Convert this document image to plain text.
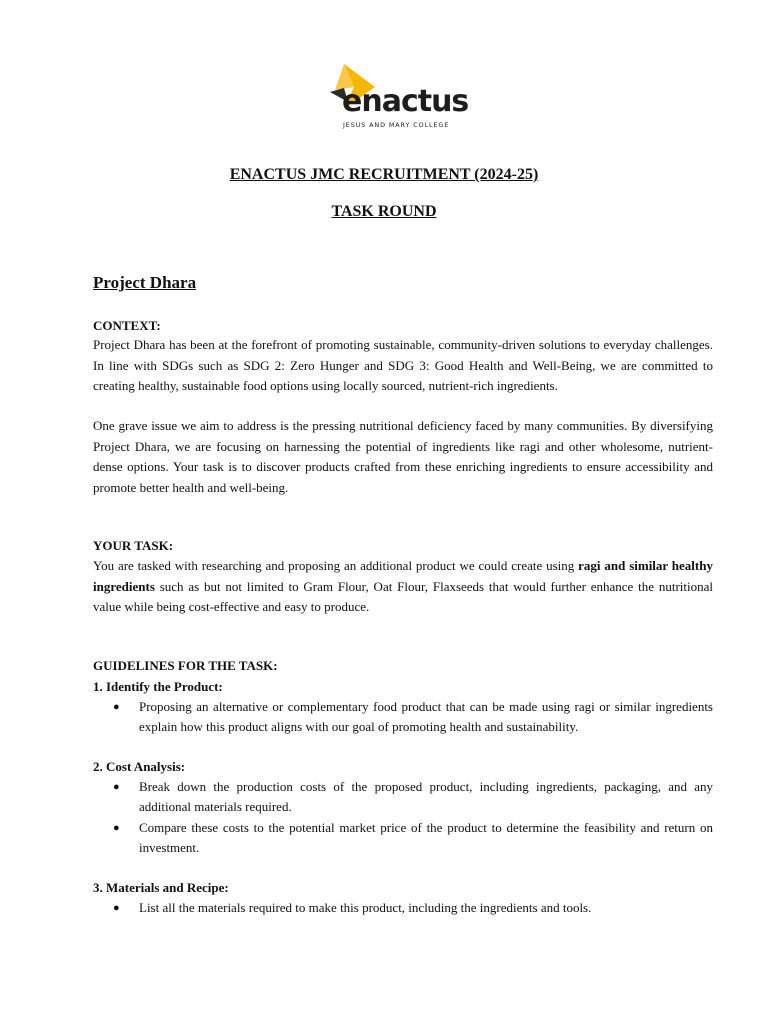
enactus
JESUS AND MARY COLLEGE
ENACTUS JMC RECRUITMENT (2024-25)
TASK ROUND
Project Dhara
CONTEXT:

Project Dhara has been at the forefront of promoting sustainable, community-driven solutions to everyday challenges. In line with SDGs such as SDG 2: Zero Hunger and SDG 3: Good Health and Well-Being, we are committed to creating healthy, sustainable food options using locally sourced, nutrient-rich ingredients.

One grave issue we aim to address is the pressing nutritional deficiency faced by many communities. By diversifying Project Dhara, we are focusing on harnessing the potential of ingredients like ragi and other wholesome, nutrient-dense options. Your task is to discover products crafted from these enriching ingredients to ensure accessibility and promote better health and well-being.

YOUR TASK:

You are tasked with researching and proposing an additional product we could create using ragi and similar healthy ingredients such as but not limited to Gram Flour, Oat Flour, Flaxseeds that would further enhance the nutritional value while being cost-effective and easy to produce.

GUIDELINES FOR THE TASK:
1. Identify the Product:
● Proposing an alternative or complementary food product that can be made using ragi or similar ingredients explain how this product aligns with our goal of promoting health and sustainability.
2. Cost Analysis:
● Break down the production costs of the proposed product, including ingredients, packaging, and any additional materials required.
● Compare these costs to the potential market price of the product to determine the feasibility and return on investment.
3. Materials and Recipe:
● List all the materials required to make this product, including the ingredients and tools.
